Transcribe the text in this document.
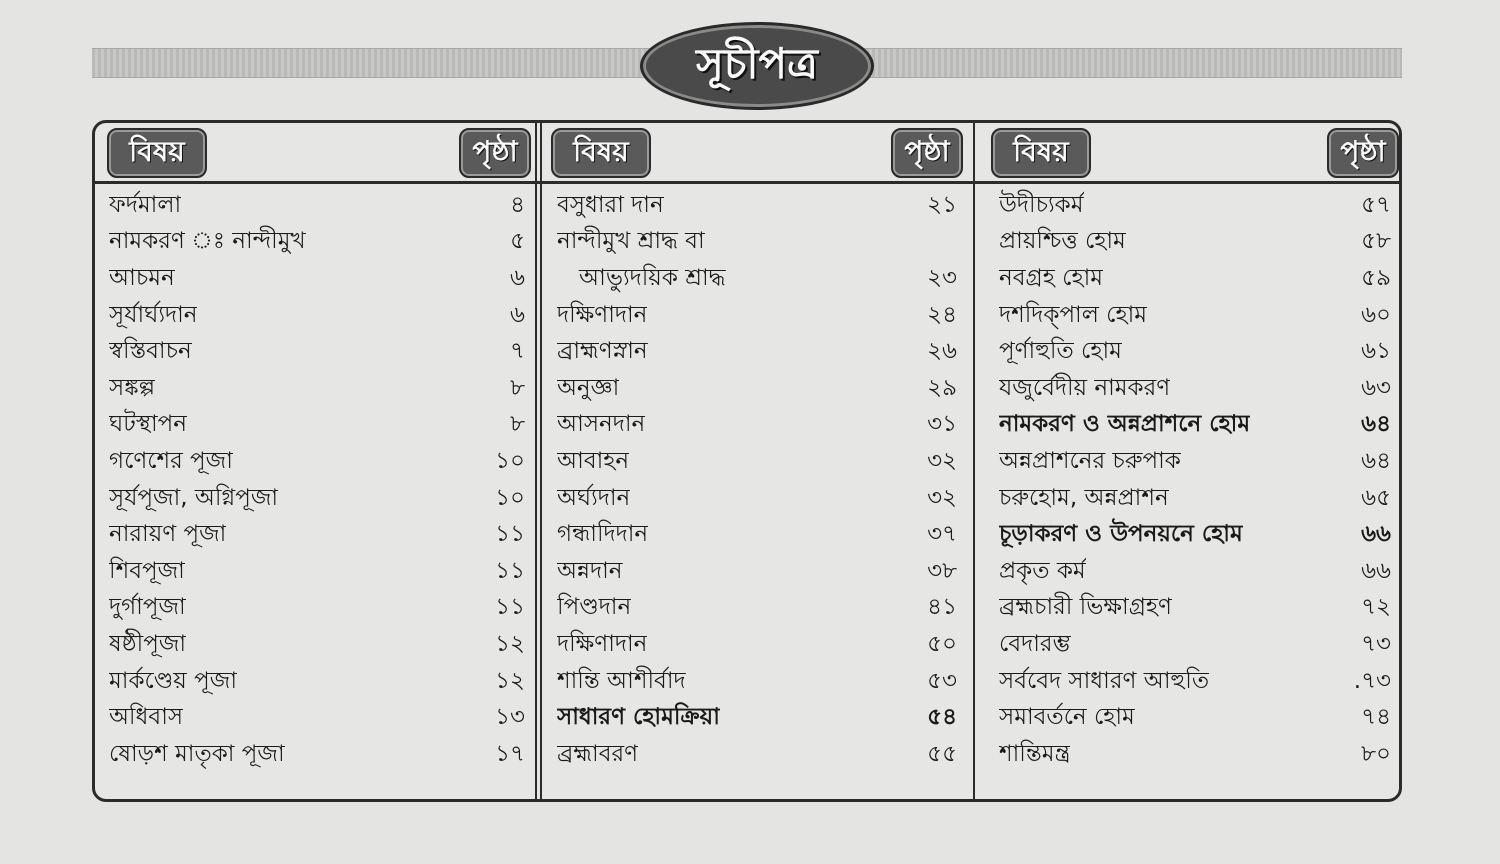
সূচীপত্র
বিষয়	পৃষ্ঠা	বিষয়	পৃষ্ঠা	বিষয়	পৃষ্ঠা
ফর্দমালা	৪
নামকরণ ঃ নান্দীমুখ	৫
আচমন	৬
সূর্যার্ঘ্যদান	৬
স্বস্তিবাচন	৭
সঙ্কল্প	৮
ঘটস্থাপন	৮
গণেশের পূজা	১০
সূর্যপূজা, অগ্নিপূজা	১০
নারায়ণ পূজা	১১
শিবপূজা	১১
দুর্গাপূজা	১১
ষষ্ঠীপূজা	১২
মার্কণ্ডেয় পূজা	১২
অধিবাস	১৩
ষোড়শ মাতৃকা পূজা	১৭
বসুধারা দান	২১
নান্দীমুখ শ্রাদ্ধ বা
আভ্যুদয়িক শ্রাদ্ধ	২৩
দক্ষিণাদান	২৪
ব্রাহ্মণস্নান	২৬
অনুজ্ঞা	২৯
আসনদান	৩১
আবাহন	৩২
অর্ঘ্যদান	৩২
গন্ধাদিদান	৩৭
অন্নদান	৩৮
পিণ্ডদান	৪১
দক্ষিণাদান	৫০
শান্তি আশীর্বাদ	৫৩
সাধারণ হোমক্রিয়া	৫৪
ব্রহ্মাবরণ	৫৫
উদীচ্যকর্ম	৫৭
প্রায়শ্চিত্ত হোম	৫৮
নবগ্রহ হোম	৫৯
দশদিক্‌পাল হোম	৬০
পূর্ণাহুতি হোম	৬১
যজুর্বেদীয় নামকরণ	৬৩
নামকরণ ও অন্নপ্রাশনে হোম	৬৪
অন্নপ্রাশনের চরুপাক	৬৪
চরুহোম, অন্নপ্রাশন	৬৫
চূড়াকরণ ও উপনয়নে হোম	৬৬
প্রকৃত কর্ম	৬৬
ব্রহ্মচারী ভিক্ষাগ্রহণ	৭২
বেদারম্ভ	৭৩
সর্ববেদ সাধারণ আহুতি	.৭৩
সমাবর্তনে হোম	৭৪
শান্তিমন্ত্র	৮০
